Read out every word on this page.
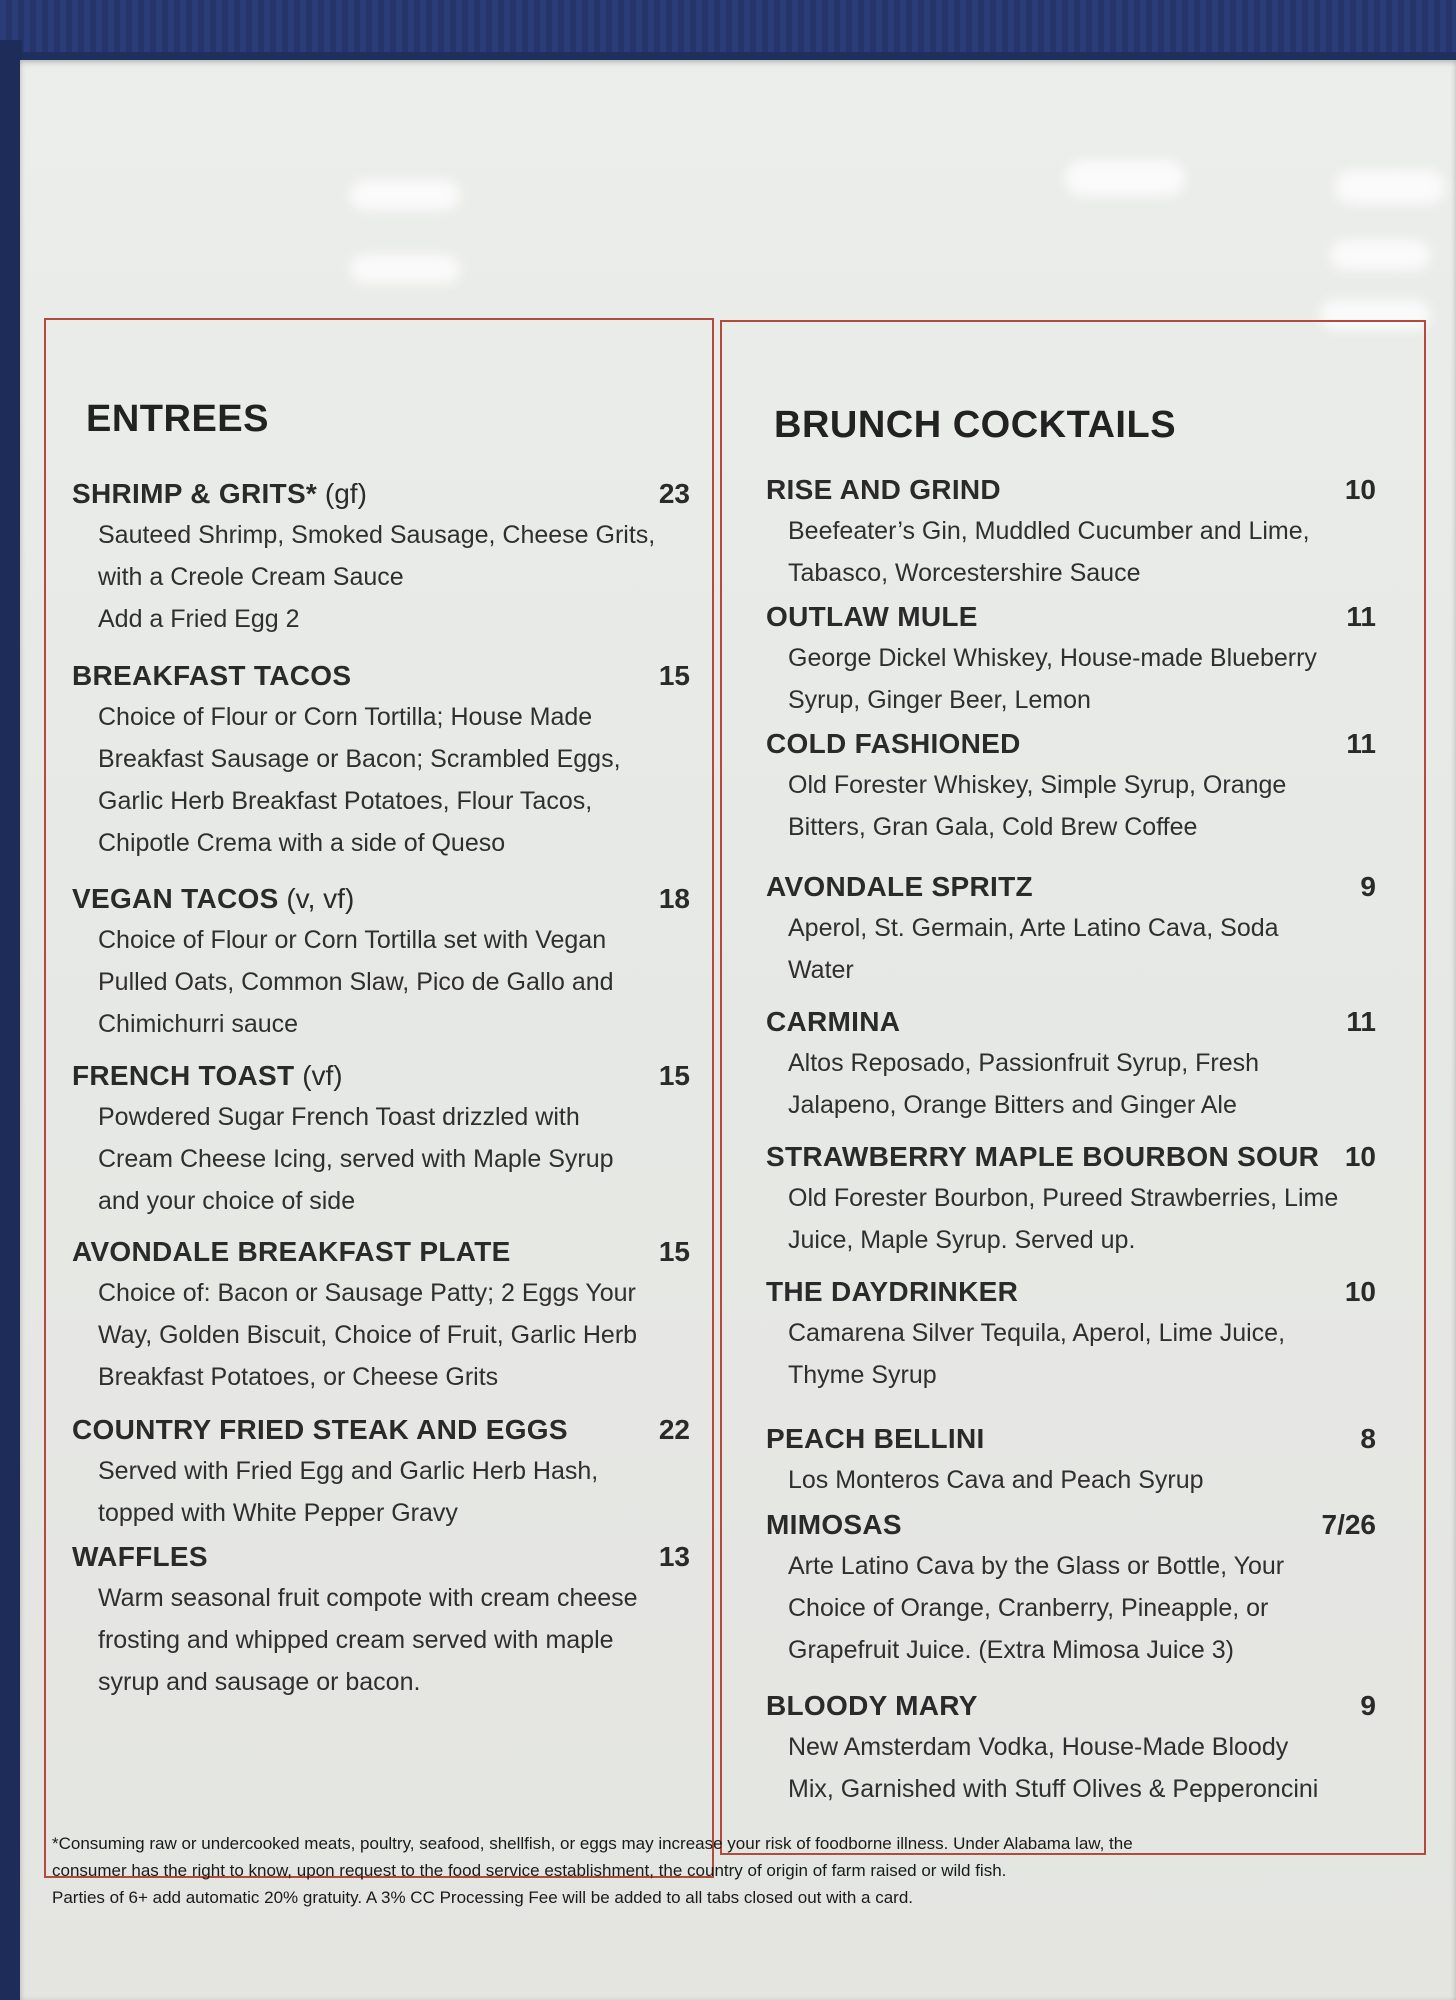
ENTREES
SHRIMP & GRITS* (gf)	23

Sauteed Shrimp, Smoked Sausage, Cheese Grits,

with a Creole Cream Sauce

Add a Fried Egg 2

BREAKFAST TACOS	15

Choice of Flour or Corn Tortilla; House Made

Breakfast Sausage or Bacon; Scrambled Eggs,

Garlic Herb Breakfast Potatoes, Flour Tacos,

Chipotle Crema with a side of Queso

VEGAN TACOS (v, vf)	18

Choice of Flour or Corn Tortilla set with Vegan

Pulled Oats, Common Slaw, Pico de Gallo and

Chimichurri sauce

FRENCH TOAST (vf)	15

Powdered Sugar French Toast drizzled with

Cream Cheese Icing, served with Maple Syrup

and your choice of side

AVONDALE BREAKFAST PLATE	15

Choice of: Bacon or Sausage Patty; 2 Eggs Your

Way, Golden Biscuit, Choice of Fruit, Garlic Herb

Breakfast Potatoes, or Cheese Grits

COUNTRY FRIED STEAK AND EGGS	22

Served with Fried Egg and Garlic Herb Hash,

topped with White Pepper Gravy

WAFFLES	13

Warm seasonal fruit compote with cream cheese

frosting and whipped cream served with maple

syrup and sausage or bacon.

BRUNCH COCKTAILS
RISE AND GRIND	10

Beefeater’s Gin, Muddled Cucumber and Lime,

Tabasco, Worcestershire Sauce

OUTLAW MULE	11

George Dickel Whiskey, House-made Blueberry

Syrup, Ginger Beer, Lemon

COLD FASHIONED	11

Old Forester Whiskey, Simple Syrup, Orange

Bitters, Gran Gala, Cold Brew Coffee

AVONDALE SPRITZ	9

Aperol, St. Germain, Arte Latino Cava, Soda

Water

CARMINA	11

Altos Reposado, Passionfruit Syrup, Fresh

Jalapeno, Orange Bitters and Ginger Ale

STRAWBERRY MAPLE BOURBON SOUR 10

Old Forester Bourbon, Pureed Strawberries, Lime

Juice, Maple Syrup. Served up.

THE DAYDRINKER	10

Camarena Silver Tequila, Aperol, Lime Juice,

Thyme Syrup

PEACH BELLINI	8

Los Monteros Cava and Peach Syrup

MIMOSAS	7/26

Arte Latino Cava by the Glass or Bottle, Your

Choice of Orange, Cranberry, Pineapple, or

Grapefruit Juice. (Extra Mimosa Juice 3)

BLOODY MARY	9

New Amsterdam Vodka, House-Made Bloody

Mix, Garnished with Stuff Olives & Pepperoncini

*Consuming raw or undercooked meats, poultry, seafood, shellfish, or eggs may increase your risk of foodborne illness. Under Alabama law, the

consumer has the right to know, upon request to the food service establishment, the country of origin of farm raised or wild fish.

Parties of 6+ add automatic 20% gratuity. A 3% CC Processing Fee will be added to all tabs closed out with a card.
